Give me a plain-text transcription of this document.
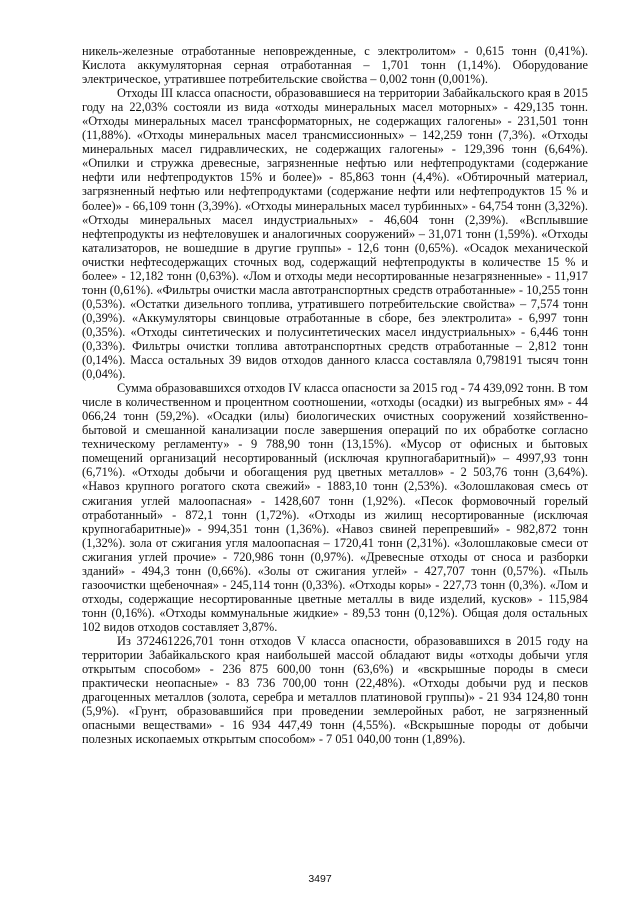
никель-железные отработанные неповрежденные, с электролитом» - 0,615 тонн (0,41%). Кислота аккумуляторная серная отработанная – 1,701 тонн (1,14%). Оборудование электрическое, утратившее потребительские свойства – 0,002 тонн (0,001%).

Отходы III класса опасности, образовавшиеся на территории Забайкальского края в 2015 году на 22,03% состояли из вида «отходы минеральных масел моторных» - 429,135 тонн. «Отходы минеральных масел трансформаторных, не содержащих галогены» - 231,501 тонн (11,88%). «Отходы минеральных масел трансмиссионных» – 142,259 тонн (7,3%). «Отходы минеральных масел гидравлических, не содержащих галогены» - 129,396 тонн (6,64%). «Опилки и стружка древесные, загрязненные нефтью или нефтепродуктами (содержание нефти или нефтепродуктов 15% и более)» - 85,863 тонн (4,4%). «Обтирочный материал, загрязненный нефтью или нефтепродуктами (содержание нефти или нефтепродуктов 15 % и более)» - 66,109 тонн (3,39%). «Отходы минеральных масел турбинных» - 64,754 тонн (3,32%). «Отходы минеральных масел индустриальных» - 46,604 тонн (2,39%). «Всплывшие нефтепродукты из нефтеловушек и аналогичных сооружений» – 31,071 тонн (1,59%). «Отходы катализаторов, не вошедшие в другие группы» - 12,6 тонн (0,65%). «Осадок механической очистки нефтесодержащих сточных вод, содержащий нефтепродукты в количестве 15 % и более» - 12,182 тонн (0,63%). «Лом и отходы меди несортированные незагрязненные» - 11,917 тонн (0,61%). «Фильтры очистки масла автотранспортных средств отработанные» - 10,255 тонн (0,53%). «Остатки дизельного топлива, утратившего потребительские свойства» – 7,574 тонн (0,39%). «Аккумуляторы свинцовые отработанные в сборе, без электролита» - 6,997 тонн (0,35%). «Отходы синтетических и полусинтетических масел индустриальных» - 6,446 тонн (0,33%). Фильтры очистки топлива автотранспортных средств отработанные – 2,812 тонн (0,14%). Масса остальных 39 видов отходов данного класса составляла 0,798191 тысяч тонн (0,04%).

Сумма образовавшихся отходов IV класса опасности за 2015 год - 74 439,092 тонн. В том числе в количественном и процентном соотношении, «отходы (осадки) из выгребных ям» - 44 066,24 тонн (59,2%). «Осадки (илы) биологических очистных сооружений хозяйственно-бытовой и смешанной канализации после завершения операций по их обработке согласно техническому регламенту» - 9 788,90 тонн (13,15%). «Мусор от офисных и бытовых помещений организаций несортированный (исключая крупногабаритный)» – 4997,93 тонн (6,71%). «Отходы добычи и обогащения руд цветных металлов» - 2 503,76 тонн (3,64%). «Навоз крупного рогатого скота свежий» - 1883,10 тонн (2,53%). «Золошлаковая смесь от сжигания углей малоопасная» - 1428,607 тонн (1,92%). «Песок формовочный горелый отработанный» - 872,1 тонн (1,72%). «Отходы из жилищ несортированные (исключая крупногабаритные)» - 994,351 тонн (1,36%). «Навоз свиней перепревший» - 982,872 тонн (1,32%). зола от сжигания угля малоопасная – 1720,41 тонн (2,31%). «Золошлаковые смеси от сжигания углей прочие» - 720,986 тонн (0,97%). «Древесные отходы от сноса и разборки зданий» - 494,3 тонн (0,66%). «Золы от сжигания углей» - 427,707 тонн (0,57%). «Пыль газоочистки щебеночная» - 245,114 тонн (0,33%). «Отходы коры» - 227,73 тонн (0,3%). «Лом и отходы, содержащие несортированные цветные металлы в виде изделий, кусков» - 115,984 тонн (0,16%). «Отходы коммунальные жидкие» - 89,53 тонн (0,12%). Общая доля остальных 102 видов отходов составляет 3,87%.

Из 372461226,701 тонн отходов V класса опасности, образовавшихся в 2015 году на территории Забайкальского края наибольшей массой обладают виды «отходы добычи угля открытым способом» - 236 875 600,00 тонн (63,6%) и «вскрышные породы в смеси практически неопасные» - 83 736 700,00 тонн (22,48%). «Отходы добычи руд и песков драгоценных металлов (золота, серебра и металлов платиновой группы)» - 21 934 124,80 тонн (5,9%). «Грунт, образовавшийся при проведении землеройных работ, не загрязненный опасными веществами» - 16 934 447,49 тонн (4,55%). «Вскрышные породы от добычи полезных ископаемых открытым способом» - 7 051 040,00 тонн (1,89%).

3497
